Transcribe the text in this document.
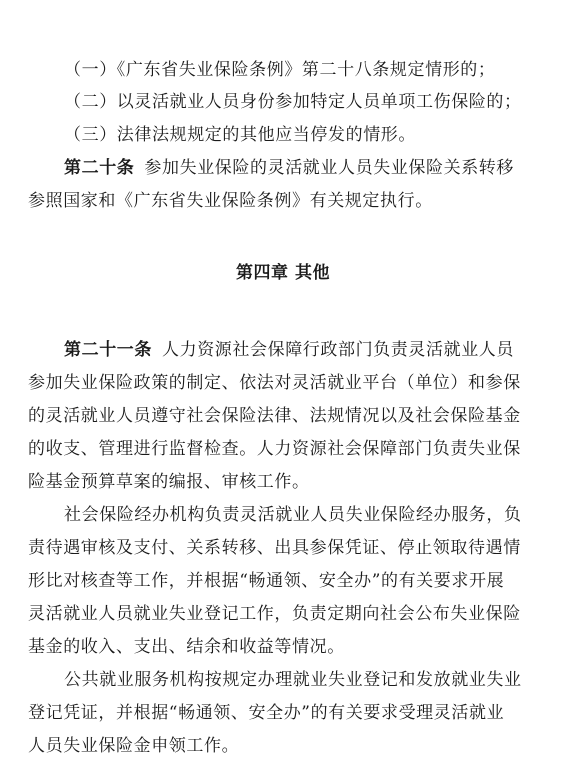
（一）《广东省失业保险条例》第二十八条规定情形的；
（二）以灵活就业人员身份参加特定人员单项工伤保险的；
（三）法律法规规定的其他应当停发的情形。
第二十条 参加失业保险的灵活就业人员失业保险关系转移
参照国家和《广东省失业保险条例》有关规定执行。
第四章 其他
第二十一条 人力资源社会保障行政部门负责灵活就业人员
参加失业保险政策的制定、依法对灵活就业平台（单位）和参保
的灵活就业人员遵守社会保险法律、法规情况以及社会保险基金
的收支、管理进行监督检查。人力资源社会保障部门负责失业保
险基金预算草案的编报、审核工作。
社会保险经办机构负责灵活就业人员失业保险经办服务，负
责待遇审核及支付、关系转移、出具参保凭证、停止领取待遇情
形比对核查等工作，并根据“畅通领、安全办”的有关要求开展
灵活就业人员就业失业登记工作，负责定期向社会公布失业保险
基金的收入、支出、结余和收益等情况。
公共就业服务机构按规定办理就业失业登记和发放就业失业
登记凭证，并根据“畅通领、安全办”的有关要求受理灵活就业
人员失业保险金申领工作。
